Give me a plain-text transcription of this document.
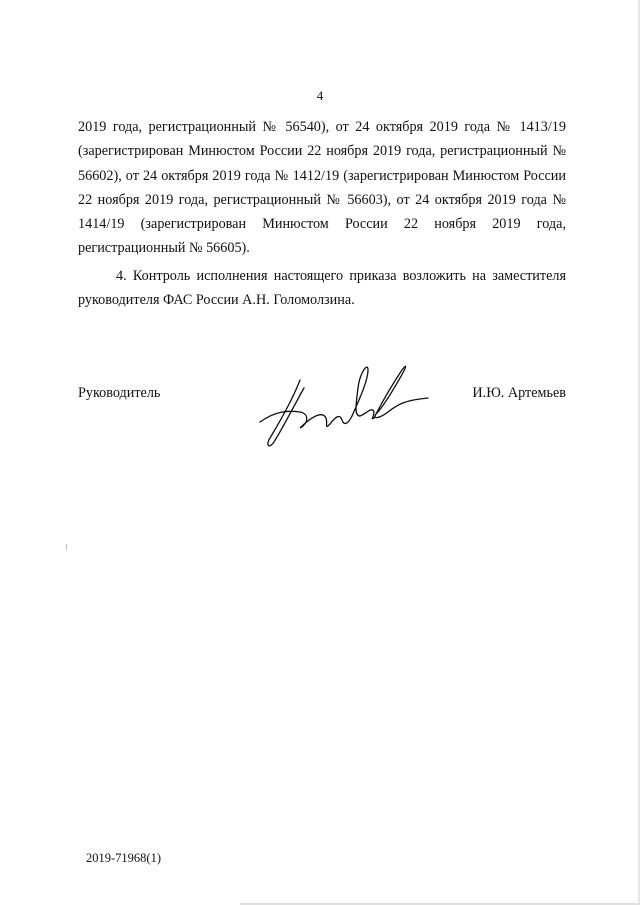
4

2019 года, регистрационный № 56540), от 24 октября 2019 года № 1413/19 (зарегистрирован Минюстом России 22 ноября 2019 года, регистрационный № 56602), от 24 октября 2019 года № 1412/19 (зарегистрирован Минюстом России 22 ноября 2019 года, регистрационный № 56603), от 24 октября 2019 года № 1414/19 (зарегистрирован Минюстом России 22 ноября 2019 года, регистрационный № 56605).

4. Контроль исполнения настоящего приказа возложить на заместителя руководителя ФАС России А.Н. Голомолзина.

Руководитель	И.Ю. Артемьев
2019-71968(1)
